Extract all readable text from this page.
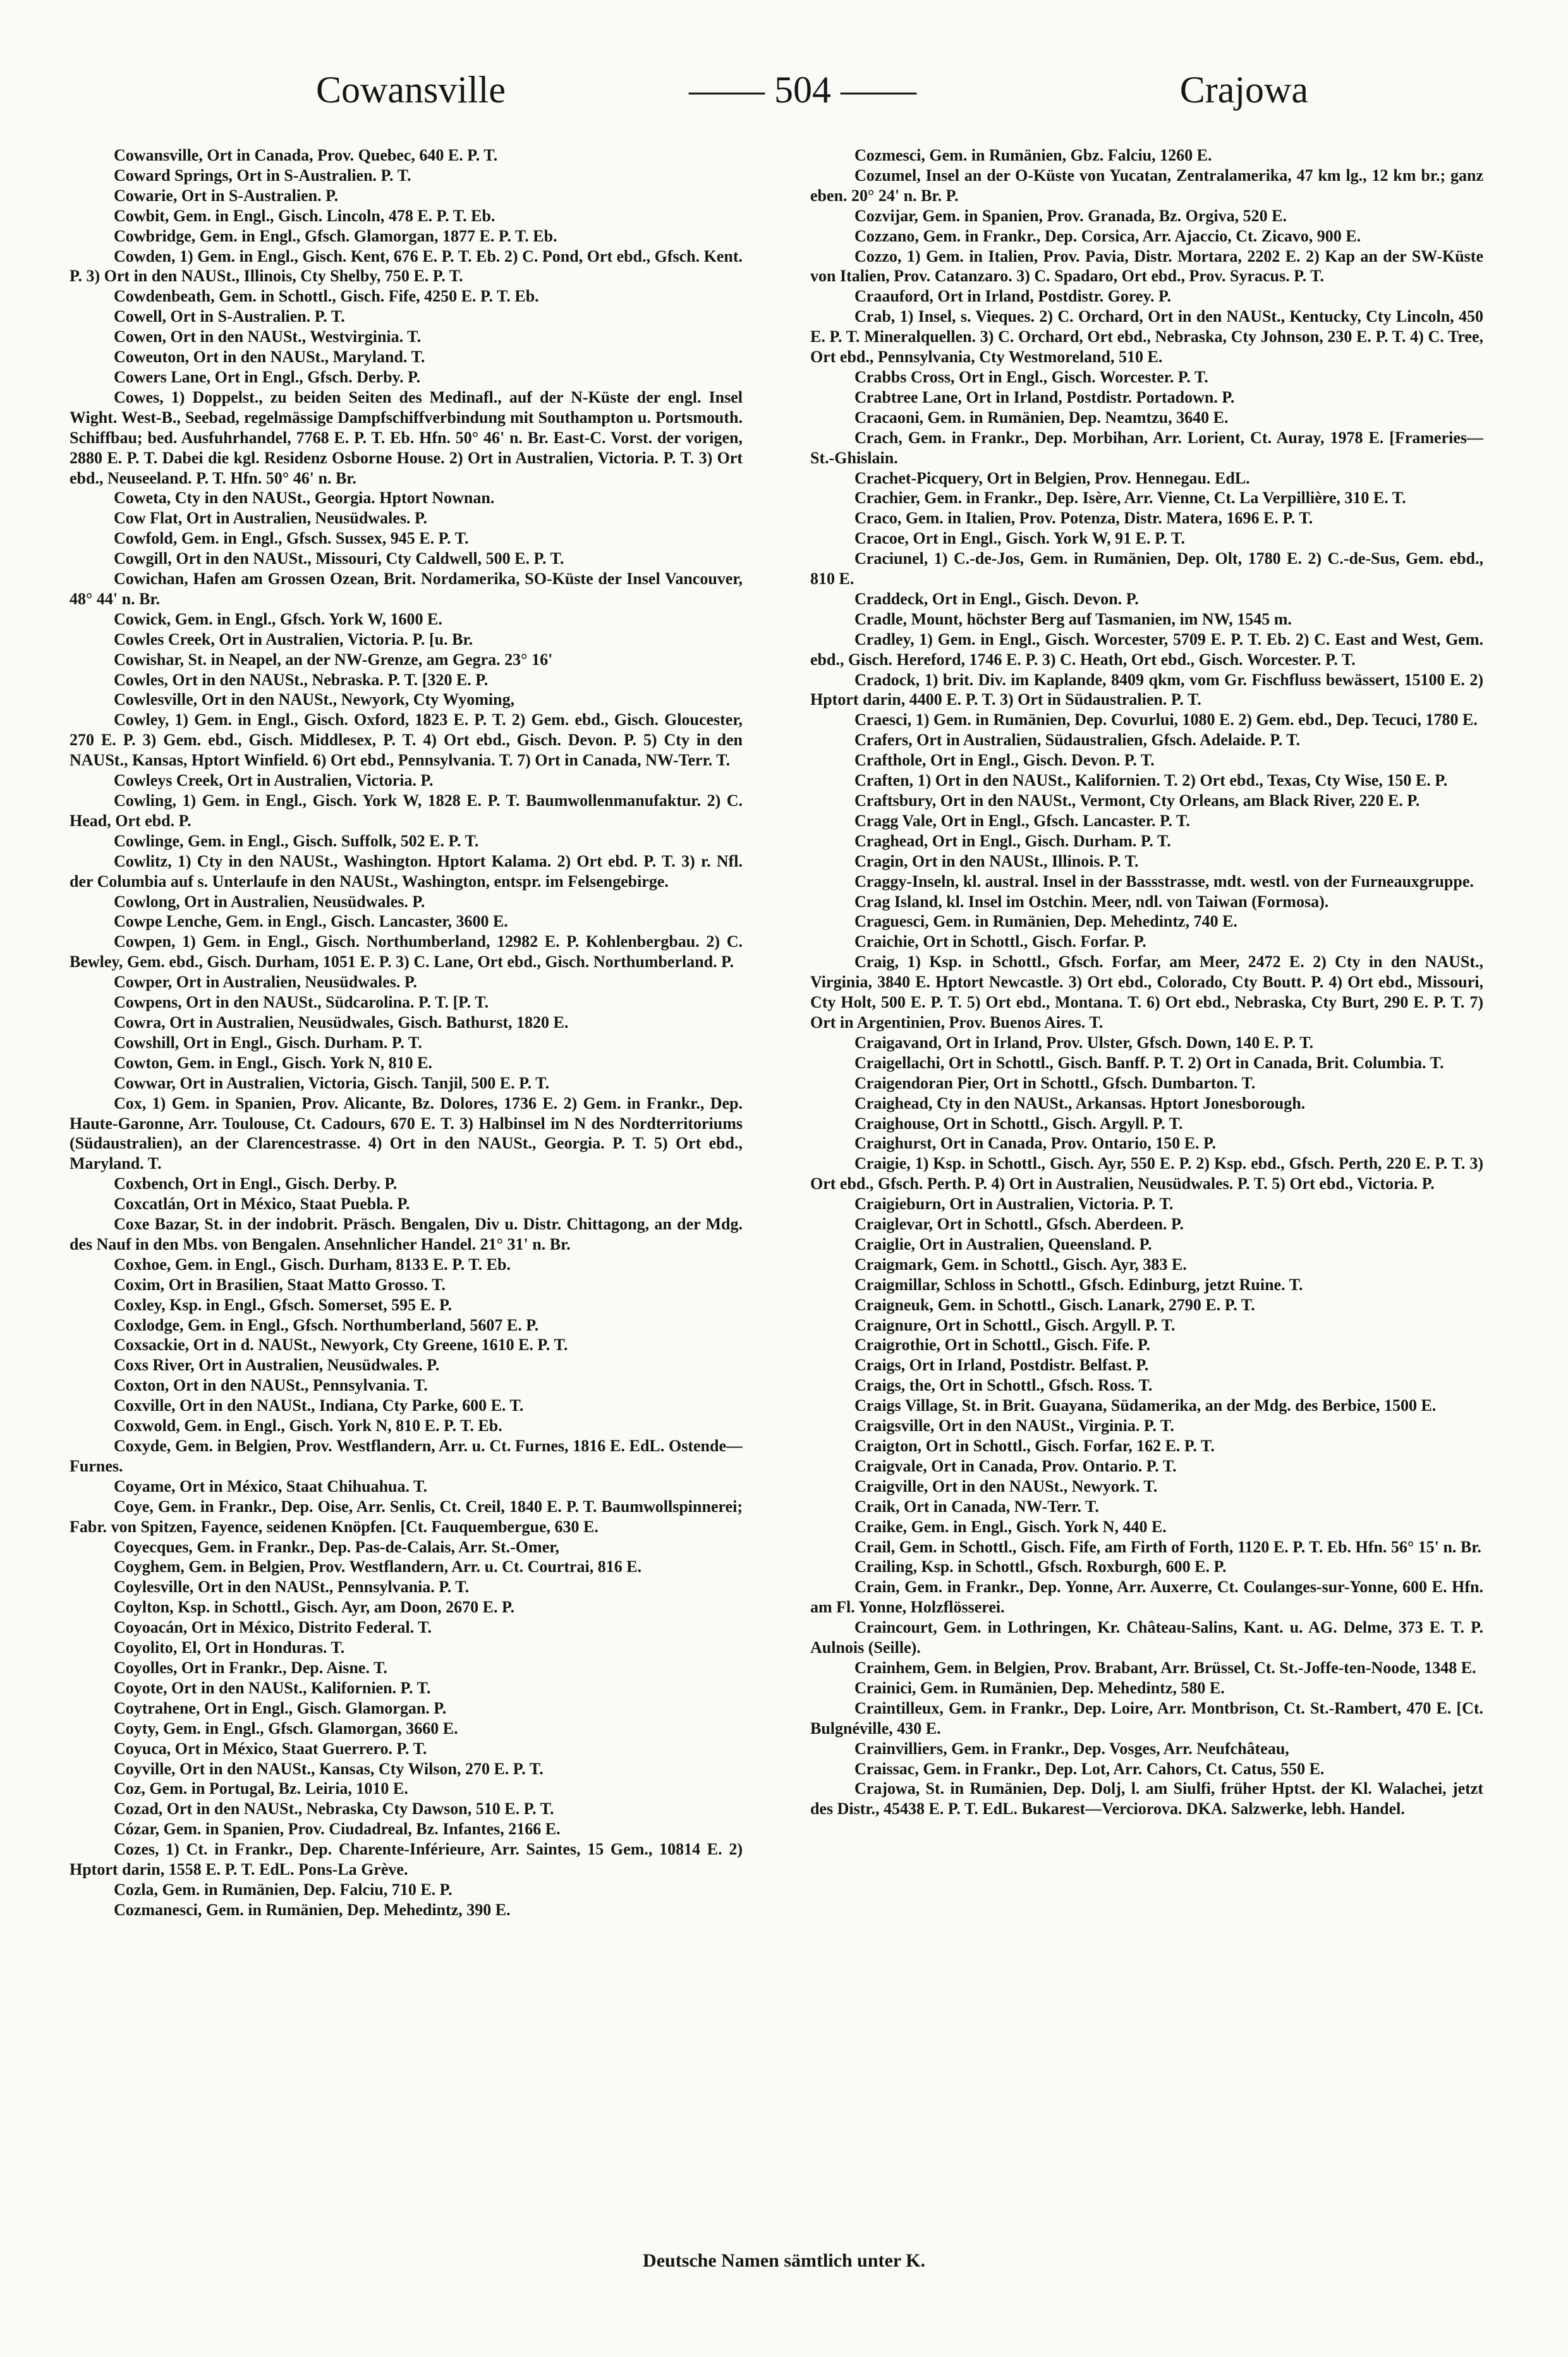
Cowansville	—— 504 ——	Crajowa

Cowansville, Ort in Canada, Prov. Quebec, 640 E. P. T.

Coward Springs, Ort in S-Australien. P. T.

Cowarie, Ort in S-Australien. P.

Cowbit, Gem. in Engl., Gisch. Lincoln, 478 E. P. T. Eb.

Cowbridge, Gem. in Engl., Gfsch. Glamorgan, 1877 E. P. T. Eb.

Cowden, 1) Gem. in Engl., Gisch. Kent, 676 E. P. T. Eb. 2) C. Pond, Ort ebd., Gfsch. Kent. P. 3) Ort in den NAUSt., Illinois, Cty Shelby, 750 E. P. T.

Cowdenbeath, Gem. in Schottl., Gisch. Fife, 4250 E. P. T. Eb.

Cowell, Ort in S-Australien. P. T.

Cowen, Ort in den NAUSt., Westvirginia. T.

Coweuton, Ort in den NAUSt., Maryland. T.

Cowers Lane, Ort in Engl., Gfsch. Derby. P.

Cowes, 1) Doppelst., zu beiden Seiten des Medinafl., auf der N-Küste der engl. Insel Wight. West-B., Seebad, regelmässige Dampfschiffverbindung mit Southampton u. Portsmouth. Schiffbau; bed. Ausfuhrhandel, 7768 E. P. T. Eb. Hfn. 50° 46' n. Br. East-C. Vorst. der vorigen, 2880 E. P. T. Dabei die kgl. Residenz Osborne House. 2) Ort in Australien, Victoria. P. T. 3) Ort ebd., Neuseeland. P. T. Hfn. 50° 46' n. Br.

Coweta, Cty in den NAUSt., Georgia. Hptort Nownan.

Cow Flat, Ort in Australien, Neusüdwales. P.

Cowfold, Gem. in Engl., Gfsch. Sussex, 945 E. P. T.

Cowgill, Ort in den NAUSt., Missouri, Cty Caldwell, 500 E. P. T.

Cowichan, Hafen am Grossen Ozean, Brit. Nordamerika, SO-Küste der Insel Vancouver, 48° 44' n. Br.

Cowick, Gem. in Engl., Gfsch. York W, 1600 E.

Cowles Creek, Ort in Australien, Victoria. P. [u. Br.

Cowishar, St. in Neapel, an der NW-Grenze, am Gegra. 23° 16'

Cowles, Ort in den NAUSt., Nebraska. P. T. [320 E. P.

Cowlesville, Ort in den NAUSt., Newyork, Cty Wyoming,

Cowley, 1) Gem. in Engl., Gisch. Oxford, 1823 E. P. T. 2) Gem. ebd., Gisch. Gloucester, 270 E. P. 3) Gem. ebd., Gisch. Middlesex, P. T. 4) Ort ebd., Gisch. Devon. P. 5) Cty in den NAUSt., Kansas, Hptort Winfield. 6) Ort ebd., Pennsylvania. T. 7) Ort in Canada, NW-Terr. T.

Cowleys Creek, Ort in Australien, Victoria. P.

Cowling, 1) Gem. in Engl., Gisch. York W, 1828 E. P. T. Baumwollenmanufaktur. 2) C. Head, Ort ebd. P.

Cowlinge, Gem. in Engl., Gisch. Suffolk, 502 E. P. T.

Cowlitz, 1) Cty in den NAUSt., Washington. Hptort Kalama. 2) Ort ebd. P. T. 3) r. Nfl. der Columbia auf s. Unterlaufe in den NAUSt., Washington, entspr. im Felsengebirge.

Cowlong, Ort in Australien, Neusüdwales. P.

Cowpe Lenche, Gem. in Engl., Gisch. Lancaster, 3600 E.

Cowpen, 1) Gem. in Engl., Gisch. Northumberland, 12982 E. P. Kohlenbergbau. 2) C. Bewley, Gem. ebd., Gisch. Durham, 1051 E. P. 3) C. Lane, Ort ebd., Gisch. Northumberland. P.

Cowper, Ort in Australien, Neusüdwales. P.

Cowpens, Ort in den NAUSt., Südcarolina. P. T. [P. T.

Cowra, Ort in Australien, Neusüdwales, Gisch. Bathurst, 1820 E.

Cowshill, Ort in Engl., Gisch. Durham. P. T.

Cowton, Gem. in Engl., Gisch. York N, 810 E.

Cowwar, Ort in Australien, Victoria, Gisch. Tanjil, 500 E. P. T.

Cox, 1) Gem. in Spanien, Prov. Alicante, Bz. Dolores, 1736 E. 2) Gem. in Frankr., Dep. Haute-Garonne, Arr. Toulouse, Ct. Cadours, 670 E. T. 3) Halbinsel im N des Nordterritoriums (Südaustralien), an der Clarencestrasse. 4) Ort in den NAUSt., Georgia. P. T. 5) Ort ebd., Maryland. T.

Coxbench, Ort in Engl., Gisch. Derby. P.

Coxcatlán, Ort in México, Staat Puebla. P.

Coxe Bazar, St. in der indobrit. Präsch. Bengalen, Div u. Distr. Chittagong, an der Mdg. des Nauf in den Mbs. von Bengalen. Ansehnlicher Handel. 21° 31' n. Br.

Coxhoe, Gem. in Engl., Gisch. Durham, 8133 E. P. T. Eb.

Coxim, Ort in Brasilien, Staat Matto Grosso. T.

Coxley, Ksp. in Engl., Gfsch. Somerset, 595 E. P.

Coxlodge, Gem. in Engl., Gfsch. Northumberland, 5607 E. P.

Coxsackie, Ort in d. NAUSt., Newyork, Cty Greene, 1610 E. P. T.

Coxs River, Ort in Australien, Neusüdwales. P.

Coxton, Ort in den NAUSt., Pennsylvania. T.

Coxville, Ort in den NAUSt., Indiana, Cty Parke, 600 E. T.

Coxwold, Gem. in Engl., Gisch. York N, 810 E. P. T. Eb.

Coxyde, Gem. in Belgien, Prov. Westflandern, Arr. u. Ct. Furnes, 1816 E. EdL. Ostende—Furnes.

Coyame, Ort in México, Staat Chihuahua. T.

Coye, Gem. in Frankr., Dep. Oise, Arr. Senlis, Ct. Creil, 1840 E. P. T. Baumwollspinnerei; Fabr. von Spitzen, Fayence, seidenen Knöpfen. [Ct. Fauquembergue, 630 E.

Coyecques, Gem. in Frankr., Dep. Pas-de-Calais, Arr. St.-Omer,

Coyghem, Gem. in Belgien, Prov. Westflandern, Arr. u. Ct. Courtrai, 816 E.

Coylesville, Ort in den NAUSt., Pennsylvania. P. T.

Coylton, Ksp. in Schottl., Gisch. Ayr, am Doon, 2670 E. P.

Coyoacán, Ort in México, Distrito Federal. T.

Coyolito, El, Ort in Honduras. T.

Coyolles, Ort in Frankr., Dep. Aisne. T.

Coyote, Ort in den NAUSt., Kalifornien. P. T.

Coytrahene, Ort in Engl., Gisch. Glamorgan. P.

Coyty, Gem. in Engl., Gfsch. Glamorgan, 3660 E.

Coyuca, Ort in México, Staat Guerrero. P. T.

Coyville, Ort in den NAUSt., Kansas, Cty Wilson, 270 E. P. T.

Coz, Gem. in Portugal, Bz. Leiria, 1010 E.

Cozad, Ort in den NAUSt., Nebraska, Cty Dawson, 510 E. P. T.

Cózar, Gem. in Spanien, Prov. Ciudadreal, Bz. Infantes, 2166 E.

Cozes, 1) Ct. in Frankr., Dep. Charente-Inférieure, Arr. Saintes, 15 Gem., 10814 E. 2) Hptort darin, 1558 E. P. T. EdL. Pons-La Grève.

Cozla, Gem. in Rumänien, Dep. Falciu, 710 E. P.

Cozmanesci, Gem. in Rumänien, Dep. Mehedintz, 390 E.

Cozmesci, Gem. in Rumänien, Gbz. Falciu, 1260 E.

Cozumel, Insel an der O-Küste von Yucatan, Zentralamerika, 47 km lg., 12 km br.; ganz eben. 20° 24' n. Br. P.

Cozvijar, Gem. in Spanien, Prov. Granada, Bz. Orgiva, 520 E.

Cozzano, Gem. in Frankr., Dep. Corsica, Arr. Ajaccio, Ct. Zicavo, 900 E.

Cozzo, 1) Gem. in Italien, Prov. Pavia, Distr. Mortara, 2202 E. 2) Kap an der SW-Küste von Italien, Prov. Catanzaro. 3) C. Spadaro, Ort ebd., Prov. Syracus. P. T.

Craauford, Ort in Irland, Postdistr. Gorey. P.

Crab, 1) Insel, s. Vieques. 2) C. Orchard, Ort in den NAUSt., Kentucky, Cty Lincoln, 450 E. P. T. Mineralquellen. 3) C. Orchard, Ort ebd., Nebraska, Cty Johnson, 230 E. P. T. 4) C. Tree, Ort ebd., Pennsylvania, Cty Westmoreland, 510 E.

Crabbs Cross, Ort in Engl., Gisch. Worcester. P. T.

Crabtree Lane, Ort in Irland, Postdistr. Portadown. P.

Cracaoni, Gem. in Rumänien, Dep. Neamtzu, 3640 E.

Crach, Gem. in Frankr., Dep. Morbihan, Arr. Lorient, Ct. Auray, 1978 E. [Frameries—St.-Ghislain.

Crachet-Picquery, Ort in Belgien, Prov. Hennegau. EdL.

Crachier, Gem. in Frankr., Dep. Isère, Arr. Vienne, Ct. La Verpillière, 310 E. T.

Craco, Gem. in Italien, Prov. Potenza, Distr. Matera, 1696 E. P. T.

Cracoe, Ort in Engl., Gisch. York W, 91 E. P. T.

Craciunel, 1) C.-de-Jos, Gem. in Rumänien, Dep. Olt, 1780 E. 2) C.-de-Sus, Gem. ebd., 810 E.

Craddeck, Ort in Engl., Gisch. Devon. P.

Cradle, Mount, höchster Berg auf Tasmanien, im NW, 1545 m.

Cradley, 1) Gem. in Engl., Gisch. Worcester, 5709 E. P. T. Eb. 2) C. East and West, Gem. ebd., Gisch. Hereford, 1746 E. P. 3) C. Heath, Ort ebd., Gisch. Worcester. P. T.

Cradock, 1) brit. Div. im Kaplande, 8409 qkm, vom Gr. Fischfluss bewässert, 15100 E. 2) Hptort darin, 4400 E. P. T. 3) Ort in Südaustralien. P. T.

Craesci, 1) Gem. in Rumänien, Dep. Covurlui, 1080 E. 2) Gem. ebd., Dep. Tecuci, 1780 E.

Crafers, Ort in Australien, Südaustralien, Gfsch. Adelaide. P. T.

Crafthole, Ort in Engl., Gisch. Devon. P. T.

Craften, 1) Ort in den NAUSt., Kalifornien. T. 2) Ort ebd., Texas, Cty Wise, 150 E. P.

Craftsbury, Ort in den NAUSt., Vermont, Cty Orleans, am Black River, 220 E. P.

Cragg Vale, Ort in Engl., Gfsch. Lancaster. P. T.

Craghead, Ort in Engl., Gisch. Durham. P. T.

Cragin, Ort in den NAUSt., Illinois. P. T.

Craggy-Inseln, kl. austral. Insel in der Bassstrasse, mdt. westl. von der Furneauxgruppe.

Crag Island, kl. Insel im Ostchin. Meer, ndl. von Taiwan (Formosa).

Craguesci, Gem. in Rumänien, Dep. Mehedintz, 740 E.

Craichie, Ort in Schottl., Gisch. Forfar. P.

Craig, 1) Ksp. in Schottl., Gfsch. Forfar, am Meer, 2472 E. 2) Cty in den NAUSt., Virginia, 3840 E. Hptort Newcastle. 3) Ort ebd., Colorado, Cty Boutt. P. 4) Ort ebd., Missouri, Cty Holt, 500 E. P. T. 5) Ort ebd., Montana. T. 6) Ort ebd., Nebraska, Cty Burt, 290 E. P. T. 7) Ort in Argentinien, Prov. Buenos Aires. T.

Craigavand, Ort in Irland, Prov. Ulster, Gfsch. Down, 140 E. P. T.

Craigellachi, Ort in Schottl., Gisch. Banff. P. T. 2) Ort in Canada, Brit. Columbia. T.

Craigendoran Pier, Ort in Schottl., Gfsch. Dumbarton. T.

Craighead, Cty in den NAUSt., Arkansas. Hptort Jonesborough.

Craighouse, Ort in Schottl., Gisch. Argyll. P. T.

Craighurst, Ort in Canada, Prov. Ontario, 150 E. P.

Craigie, 1) Ksp. in Schottl., Gisch. Ayr, 550 E. P. 2) Ksp. ebd., Gfsch. Perth, 220 E. P. T. 3) Ort ebd., Gfsch. Perth. P. 4) Ort in Australien, Neusüdwales. P. T. 5) Ort ebd., Victoria. P.

Craigieburn, Ort in Australien, Victoria. P. T.

Craiglevar, Ort in Schottl., Gfsch. Aberdeen. P.

Craiglie, Ort in Australien, Queensland. P.

Craigmark, Gem. in Schottl., Gisch. Ayr, 383 E.

Craigmillar, Schloss in Schottl., Gfsch. Edinburg, jetzt Ruine. T.

Craigneuk, Gem. in Schottl., Gisch. Lanark, 2790 E. P. T.

Craignure, Ort in Schottl., Gisch. Argyll. P. T.

Craigrothie, Ort in Schottl., Gisch. Fife. P.

Craigs, Ort in Irland, Postdistr. Belfast. P.

Craigs, the, Ort in Schottl., Gfsch. Ross. T.

Craigs Village, St. in Brit. Guayana, Südamerika, an der Mdg. des Berbice, 1500 E.

Craigsville, Ort in den NAUSt., Virginia. P. T.

Craigton, Ort in Schottl., Gisch. Forfar, 162 E. P. T.

Craigvale, Ort in Canada, Prov. Ontario. P. T.

Craigville, Ort in den NAUSt., Newyork. T.

Craik, Ort in Canada, NW-Terr. T.

Craike, Gem. in Engl., Gisch. York N, 440 E.

Crail, Gem. in Schottl., Gisch. Fife, am Firth of Forth, 1120 E. P. T. Eb. Hfn. 56° 15' n. Br.

Crailing, Ksp. in Schottl., Gfsch. Roxburgh, 600 E. P.

Crain, Gem. in Frankr., Dep. Yonne, Arr. Auxerre, Ct. Coulanges-sur-Yonne, 600 E. Hfn. am Fl. Yonne, Holzflösserei.

Craincourt, Gem. in Lothringen, Kr. Château-Salins, Kant. u. AG. Delme, 373 E. T. P. Aulnois (Seille).

Crainhem, Gem. in Belgien, Prov. Brabant, Arr. Brüssel, Ct. St.-Joffe-ten-Noode, 1348 E.

Crainici, Gem. in Rumänien, Dep. Mehedintz, 580 E.

Craintilleux, Gem. in Frankr., Dep. Loire, Arr. Montbrison, Ct. St.-Rambert, 470 E. [Ct. Bulgnéville, 430 E.

Crainvilliers, Gem. in Frankr., Dep. Vosges, Arr. Neufchâteau,

Craissac, Gem. in Frankr., Dep. Lot, Arr. Cahors, Ct. Catus, 550 E.

Crajowa, St. in Rumänien, Dep. Dolj, l. am Siulfi, früher Hptst. der Kl. Walachei, jetzt des Distr., 45438 E. P. T. EdL. Bukarest—Verciorova. DKA. Salzwerke, lebh. Handel.

Deutsche Namen sämtlich unter K.
